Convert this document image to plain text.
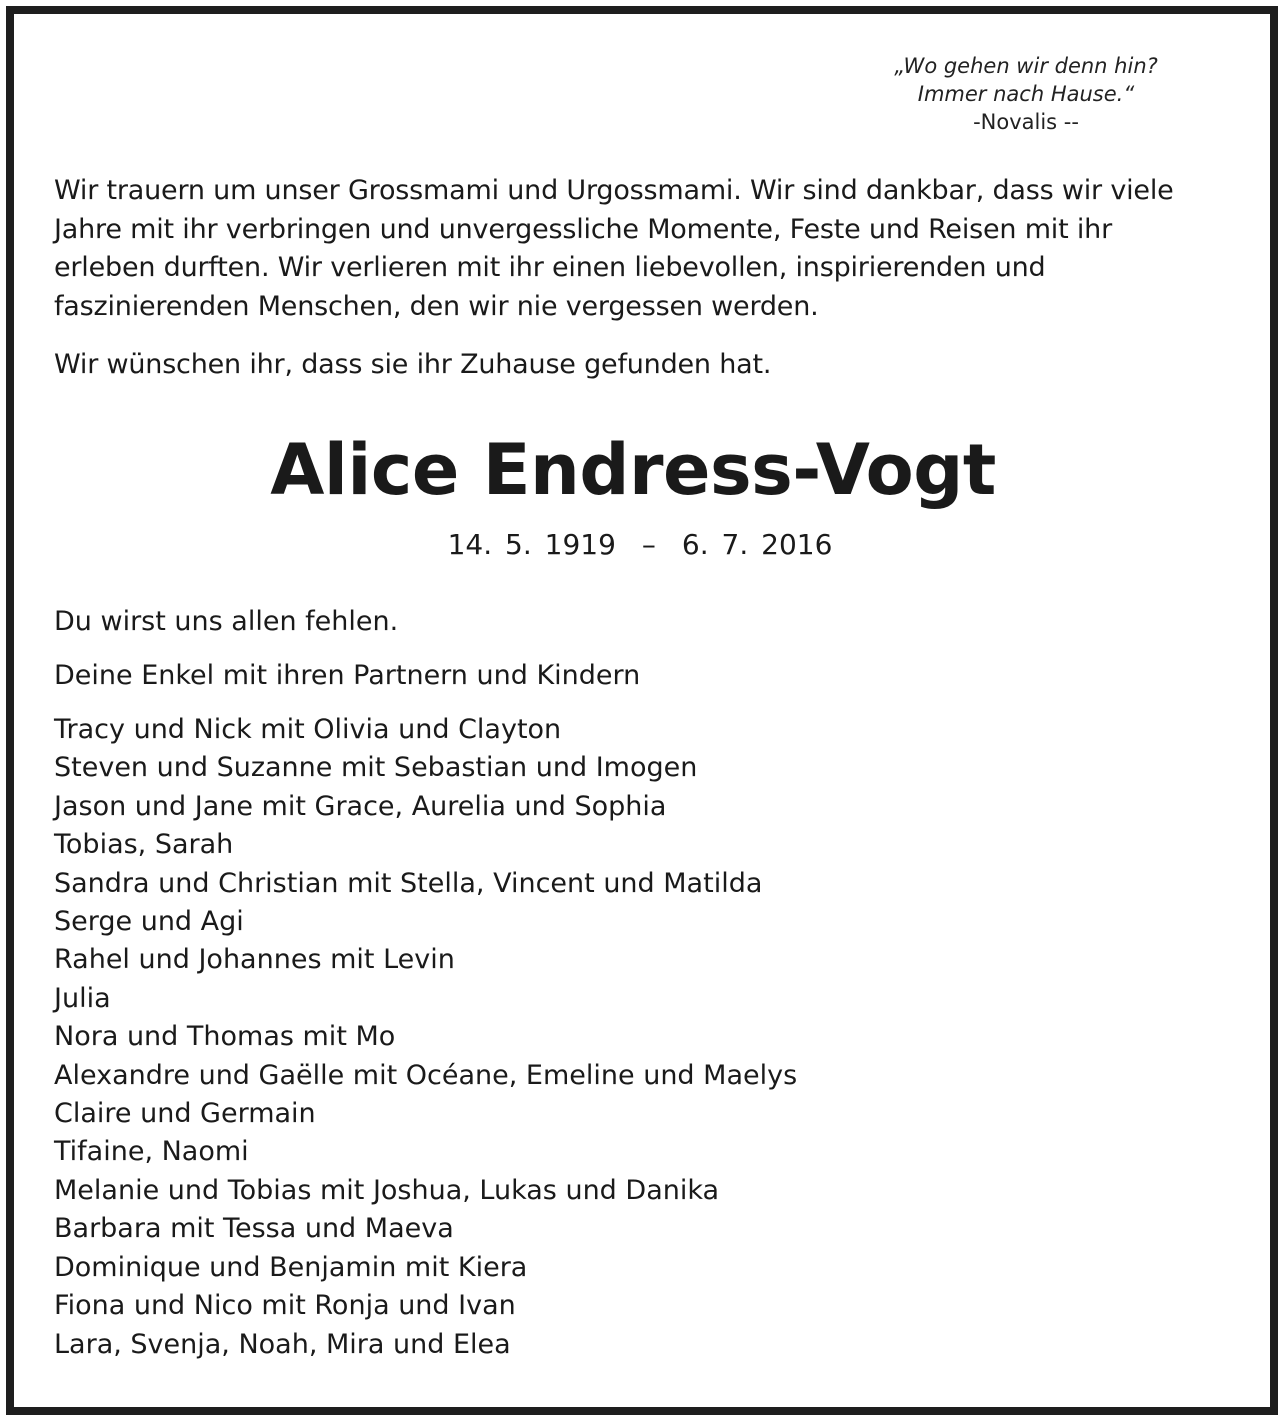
„Wo gehen wir denn hin?
Immer nach Hause.“
-Novalis --

Wir trauern um unser Grossmami und Urgossmami. Wir sind dankbar, dass wir viele Jahre mit ihr verbringen und unvergessliche Momente, Feste und Reisen mit ihr erleben durften. Wir verlieren mit ihr einen liebevollen, inspirierenden und faszinierenden Menschen, den wir nie vergessen werden.

Wir wünschen ihr, dass sie ihr Zuhause gefunden hat.

Alice Endress-Vogt
14. 5. 1919 – 6. 7. 2016
Du wirst uns allen fehlen.
Deine Enkel mit ihren Partnern und Kindern
Tracy und Nick mit Olivia und Clayton
Steven und Suzanne mit Sebastian und Imogen
Jason und Jane mit Grace, Aurelia und Sophia
Tobias, Sarah
Sandra und Christian mit Stella, Vincent und Matilda
Serge und Agi
Rahel und Johannes mit Levin
Julia
Nora und Thomas mit Mo
Alexandre und Gaëlle mit Océane, Emeline und Maelys
Claire und Germain
Tifaine, Naomi
Melanie und Tobias mit Joshua, Lukas und Danika
Barbara mit Tessa und Maeva
Dominique und Benjamin mit Kiera
Fiona und Nico mit Ronja und Ivan
Lara, Svenja, Noah, Mira und Elea
